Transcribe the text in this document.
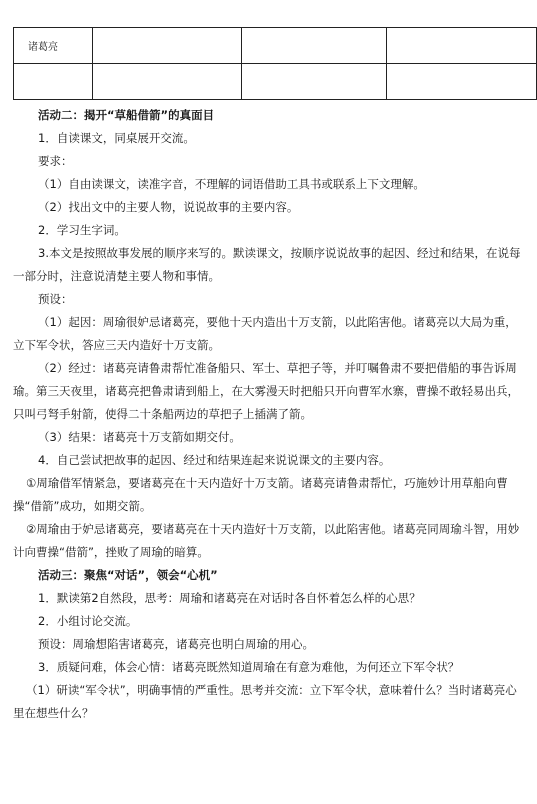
诸葛亮			

活动二：揭开“草船借箭”的真面目

1．自读课文，同桌展开交流。

要求：

（1）自由读课文，读准字音，不理解的词语借助工具书或联系上下文理解。

（2）找出文中的主要人物，说说故事的主要内容。

2．学习生字词。

3.本文是按照故事发展的顺序来写的。默读课文，按顺序说说故事的起因、经过和结果，在说每一部分时，注意说清楚主要人物和事情。

预设：

（1）起因：周瑜很妒忌诸葛亮，要他十天内造出十万支箭，以此陷害他。诸葛亮以大局为重，立下军令状，答应三天内造好十万支箭。

（2）经过：诸葛亮请鲁肃帮忙准备船只、军士、草把子等，并叮嘱鲁肃不要把借船的事告诉周瑜。第三天夜里，诸葛亮把鲁肃请到船上，在大雾漫天时把船只开向曹军水寨，曹操不敢轻易出兵，只叫弓弩手射箭，使得二十条船两边的草把子上插满了箭。

（3）结果：诸葛亮十万支箭如期交付。

4．自己尝试把故事的起因、经过和结果连起来说说课文的主要内容。

①周瑜借军情紧急，要诸葛亮在十天内造好十万支箭。诸葛亮请鲁肃帮忙，巧施妙计用草船向曹操“借箭”成功，如期交箭。

②周瑜由于妒忌诸葛亮，要诸葛亮在十天内造好十万支箭，以此陷害他。诸葛亮同周瑜斗智，用妙计向曹操“借箭”，挫败了周瑜的暗算。

活动三：聚焦“对话”，领会“心机”

1．默读第2自然段，思考：周瑜和诸葛亮在对话时各自怀着怎么样的心思？

2．小组讨论交流。

预设：周瑜想陷害诸葛亮，诸葛亮也明白周瑜的用心。

3．质疑问难，体会心情：诸葛亮既然知道周瑜在有意为难他，为何还立下军令状？

（1）研读“军令状”，明确事情的严重性。思考并交流：立下军令状，意味着什么？当时诸葛亮心里在想些什么？
